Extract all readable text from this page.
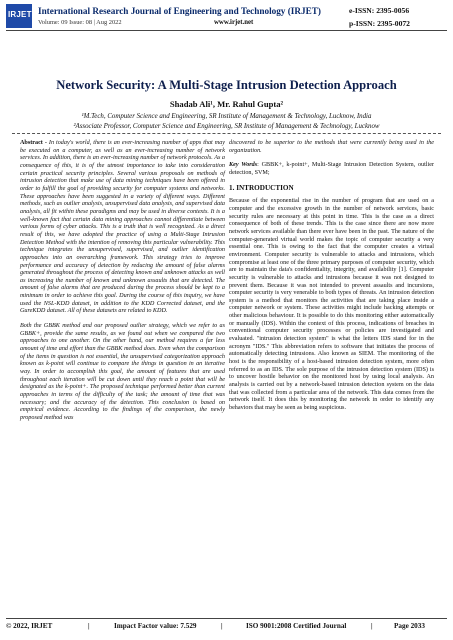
IRJET International Research Journal of Engineering and Technology (IRJET)	e-ISSN: 2395-0056
Volume: 09 Issue: 08 | Aug 2022	www.irjet.net	p-ISSN: 2395-0072
Network Security: A Multi-Stage Intrusion Detection Approach
Shadab Ali¹, Mr. Rahul Gupta²
¹M.Tech, Computer Science and Engineering, SR Institute of Management & Technology, Lucknow, India
²Associate Professor, Computer Science and Engineering, SR Institute of Management & Technology, Lucknow

Abstract - In today's world, there is an ever-increasing number of apps that may be executed on a computer, as well as an ever-increasing number of network services. In addition, there is an ever-increasing number of network protocols. As a consequence of this, it is of the utmost importance to take into consideration certain practical security principles. Several various proposals on methods of intrusion detection that make use of data mining techniques have been offered in order to fulfill the goal of providing security for computer systems and networks. These approaches have been suggested in a variety of different ways. Different methods, such as outlier analysis, unsupervised data analysis, and supervised data analysis, all fit within these paradigms and may be used in diverse contexts. It is a well-known fact that certain data mining approaches cannot differentiate between various forms of cyber attacks. This is a truth that is well recognized. As a direct result of this, we have adopted the practice of using a Multi-Stage Intrusion Detection Method with the intention of removing this particular vulnerability. This technique integrates the unsupervised, supervised, and outlier identification approaches into an overarching framework. This strategy tries to improve performance and accuracy of detection by reducing the amount of false alarms generated throughout the process of detecting known and unknown attacks as well as increasing the number of known and unknown assaults that are detected. The amount of false alarms that are produced during the process should be kept to a minimum in order to achieve this goal. During the course of this inquiry, we have used the NSL-KDD dataset, in addition to the KDD Corrected dataset, and the GureKDD dataset. All of these datasets are related to KDD.

Both the GBBK method and our proposed outlier strategy, which we refer to as GBBK+, provide the same results, as we found out when we compared the two approaches to one another. On the other hand, our method requires a far less amount of time and effort than the GBBK method does. Even when the comparison of the items in question is not essential, the unsupervised categorization approach known as k-point will continue to compare the things in question in an iterative way. In order to accomplish this goal, the amount of features that are used throughout each iteration will be cut down until they reach a point that will be designated as the k-point+. The proposed technique performed better than current approaches in terms of the difficulty of the task; the amount of time that was necessary; and the accuracy of the detection. This conclusion is based on empirical evidence. According to the findings of the comparison, the newly proposed method was

discovered to be superior to the methods that were currently being used in the organization.

Key Words: GBBK+, k-point+, Multi-Stage Intrusion Detection System, outlier detection, SVM;

1. INTRODUCTION

Because of the exponential rise in the number of program that are used on a computer and the excessive growth in the number of network services, basic security rules are necessary at this point in time. This is the case as a direct consequence of both of these trends. This is the case since there are now more network services available than there ever have been in the past. The nature of the computer-generated virtual world makes the topic of computer security a very essential one. This is owing to the fact that the computer creates a virtual environment. Computer security is vulnerable to attacks and intrusions, which compromise at least one of the three primary purposes of computer security, which are to maintain the data's confidentiality, integrity, and availability [1]. Computer security is vulnerable to attacks and intrusions because it was not designed to prevent them. Because it was not intended to prevent assaults and incursions, computer security is very venerable to both types of threats. An intrusion detection system is a method that monitors the activities that are taking place inside a computer network or system. These activities might include hacking attempts or other malicious behaviour. It is possible to do this monitoring either automatically or manually (IDS). Within the context of this process, indications of breaches in conventional computer security processes or policies are investigated and evaluated. "intrusion detection system" is what the letters IDS stand for in the acronym "IDS." This abbreviation refers to software that initiates the process of automatically detecting intrusions. Also known as SIEM. The monitoring of the host is the responsibility of a host-based intrusion detection system, more often referred to as an IDS. The sole purpose of the intrusion detection system (IDS) is to uncover hostile behavior on the monitored host by using local analysis. An analysis is carried out by a network-based intrusion detection system on the data that was collected from a particular area of the network. This data comes from the network itself. It does this by monitoring the network in order to identify any behaviors that may be seen as being suspicious.

© 2022, IRJET	|	Impact Factor value: 7.529	|	ISO 9001:2008 Certified Journal	|	Page 2033
